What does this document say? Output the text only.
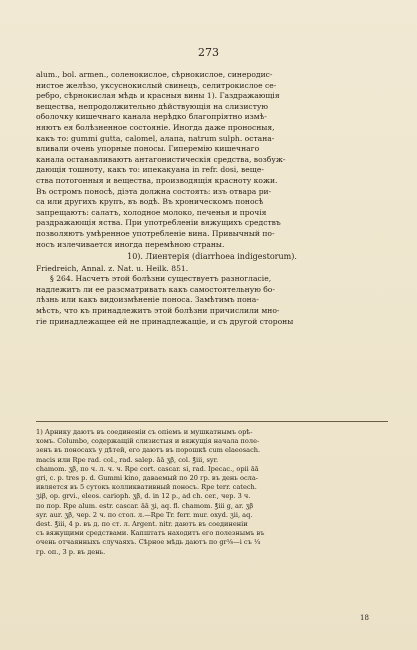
273

alum., bol. armen., соленокислое, сѣрнокислое, синеродис-

нистое желѣзо, уксуснокислый свинецъ, селитрокислое се-

ребро, сѣрнокислая мѣдь и красныя вины 1). Газдражающія

вещества, непродолжительно дѣйствующія на слизистую

оболочку кишечнаго канала нерѣдко благопріятно измѣ-

няютъ ея болѣзненное состояніе. Иногда даже проносныя,

какъ то: gummi gutta, calomel, алапа, natrum sulph. остана-

вливали очень упорные поносы. Гиперемію кишечнаго

канала останавливаютъ антагонистическія средства, возбуж-

дающія тошноту, какъ то: ипекакуана in refr. dosi, веще-

ства потогонныя и вещества, производящія красноту кожи.

Въ остромъ поносѣ, діэта должна состоять: изъ отвара ри-

са или другихъ крупъ, въ водѣ. Въ хроническомъ поносѣ

запрещаютъ: салатъ, холодное молоко, печенья и прочія

раздражающія яства. При употребленіи вяжущихъ средствъ

позволяютъ умѣренное употребленіе вина. Привычный по-

носъ излечивается иногда перемѣною страны.

10). Лиентерія (diarrhoea indigestorum).

Friedreich, Annal. z. Nat. u. Heilk. 851.

§ 264. Насчетъ этой болѣзни существуетъ разногласіе,

надлежитъ ли ее разсматривать какъ самостоятельную бо-

лѣзнь или какъ видоизмѣненіе поноса. Замѣтимъ пона-

мѣсть, что къ принадлежитъ этой болѣзни причислили мно-

гіе принадлежащее ей не принадлежащіе, и съ другой стороны

1) Арнику даютъ въ соединеніи съ опіемъ и мушкатнымъ орѣ-

хомъ. Columbo, содержащій слизистыя и вяжущія начала поле-

зенъ въ поносахъ у дѣтей, его даютъ въ порошкѣ cum elaeosach.

macis или Rpe rad. col., rad. salep. āā ʒβ, col. ℥iii, syr.

chamom. ʒβ, по ч. л. ч. ч. Rpe cort. cascar. si, rad. Ipecac., opii āā

gri, с. р. tres р. d. Gummi kino, даваемый по 20 гр. въ день осла-

ивляется въ 5 сутокъ колликвативный поносъ. Rpe terr. catech.

ʒiβ, op. grvi., eleos. carioph. ʒβ, d. in 12 р., ad ch. cer., чер. 3 ч.

по пор. Rpe alum. estr. cascar. āā ʒi, aq. fl. chamom. ℥iii g, ar. ʒβ

syr. aur. ʒβ, чер. 2 ч. по стол. л.—Rpe Tr. ferr. mur. oxyd. ʒii, aq.

dest. ℥iii, 4 р. въ д. по ст. л. Argent. nitr. даютъ въ соединеніи

съ вяжущими средствами. Капштатъ находитъ его полезнымъ въ

очень отчаянныхъ случаяхъ. Сѣрное мѣдь даютъ по gr⅛—i съ ¼

гр. оп., 3 р. въ день.

18
